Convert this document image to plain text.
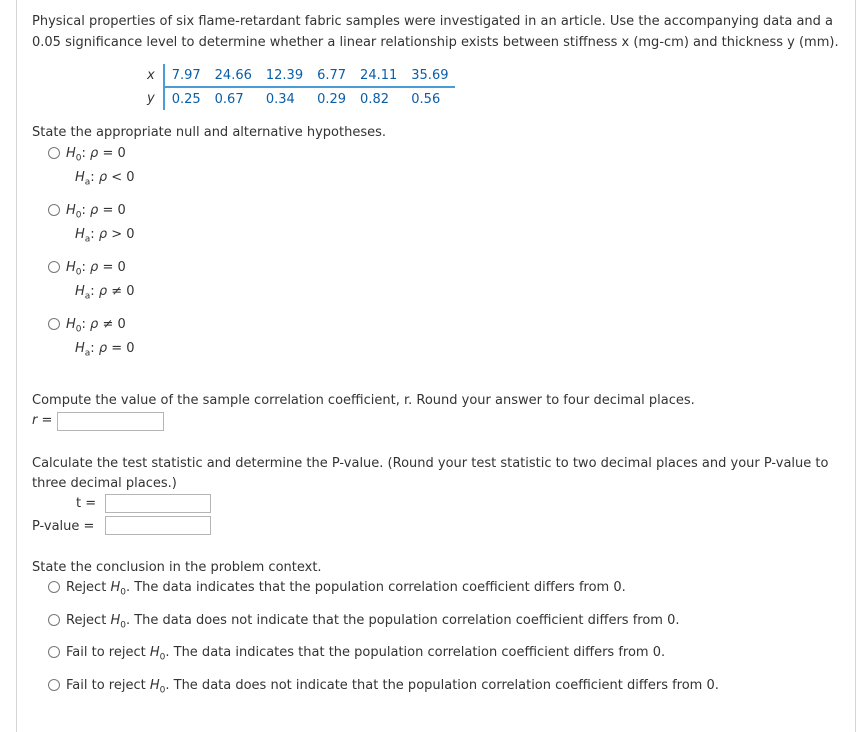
Physical properties of six flame-retardant fabric samples were investigated in an article. Use the accompanying data and a
0.05 significance level to determine whether a linear relationship exists between stiffness x (mg-cm) and thickness y (mm).
x	7.97	24.66	12.39	6.77	24.11	35.69
y	0.25	0.67	0.34	0.29	0.82	0.56
State the appropriate null and alternative hypotheses.
$H_0$: ρ = 0
$H_a$: ρ < 0
$H_0$: ρ = 0
$H_a$: ρ > 0
$H_0$: ρ = 0
$H_a$: ρ ≠ 0
$H_0$: ρ ≠ 0
$H_a$: ρ = 0
Compute the value of the sample correlation coefficient, r. Round your answer to four decimal places.
r =
Calculate the test statistic and determine the P-value. (Round your test statistic to two decimal places and your P-value to
three decimal places.)
t =
P-value =
State the conclusion in the problem context.
Reject $H_0$. The data indicates that the population correlation coefficient differs from 0.
Reject $H_0$. The data does not indicate that the population correlation coefficient differs from 0.
Fail to reject $H_0$. The data indicates that the population correlation coefficient differs from 0.
Fail to reject $H_0$. The data does not indicate that the population correlation coefficient differs from 0.
